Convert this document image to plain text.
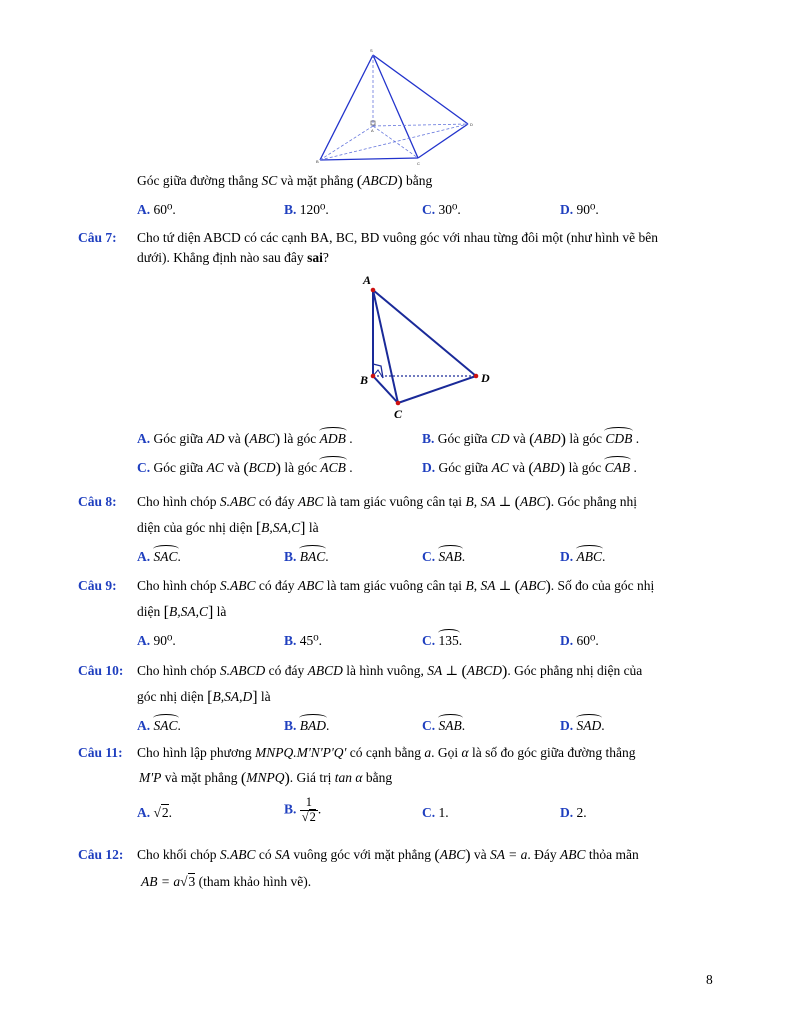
S
A
B	C
D
Góc giữa đường thẳng SC và mặt phẳng (ABCD) bằng
A. 60⁰.	B. 120⁰.	C. 30⁰.	D. 90⁰.
Câu 7: Cho tứ diện ABCD có các cạnh BA, BC, BD vuông góc với nhau từng đôi một (như hình vẽ bên
dưới). Khẳng định nào sau đây sai?
A
B
C
D
A. Góc giữa AD và (ABC) là góc ADB .	B. Góc giữa CD và (ABD) là góc CDB .
C. Góc giữa AC và (BCD) là góc ACB .	D. Góc giữa AC và (ABD) là góc CAB .
Câu 8: Cho hình chóp S.ABC có đáy ABC là tam giác vuông cân tại B, SA ⊥ (ABC). Góc phẳng nhị
diện của góc nhị diện [B,SA,C] là
A. SAC.	B. BAC.	C. SAB.	D. ABC.
Câu 9: Cho hình chóp S.ABC có đáy ABC là tam giác vuông cân tại B, SA ⊥ (ABC). Số đo của góc nhị
diện [B,SA,C] là
A. 90⁰.	B. 45⁰.	C. 135.	D. 60⁰.
Câu 10: Cho hình chóp S.ABCD có đáy ABCD là hình vuông, SA ⊥ (ABCD). Góc phẳng nhị diện của
góc nhị diện [B,SA,D] là
A. SAC.	B. BAD.	C. SAB.	D. SAD.
Câu 11: Cho hình lập phương MNPQ.M'N'P'Q' có cạnh bằng a. Gọi α là số đo góc giữa đường thẳng
M'P và mặt phẳng (MNPQ). Giá trị tan α bằng
A. √2.	B. $\frac{1}{√2}$ .	C. 1.	D. 2.
Câu 12: Cho khối chóp S.ABC có SA vuông góc với mặt phẳng (ABC) và SA = a. Đáy ABC thỏa mãn
AB = a√3 (tham khảo hình vẽ).
8
